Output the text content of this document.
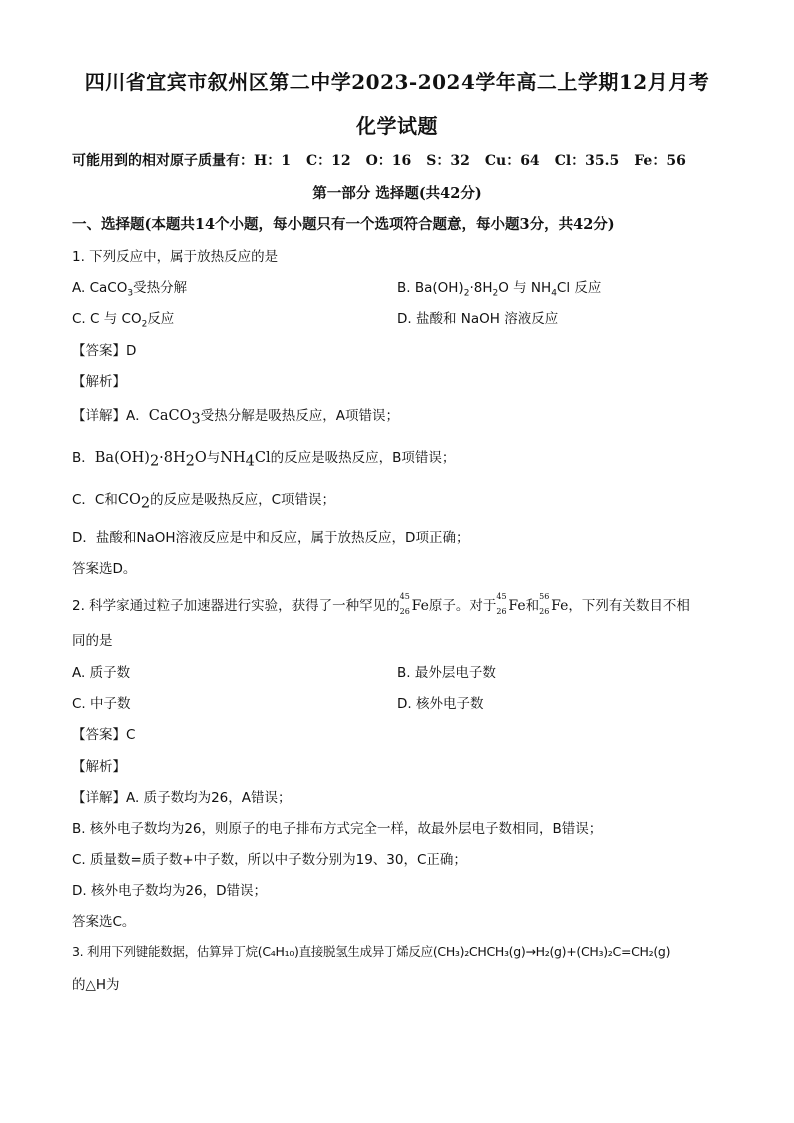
四川省宜宾市叙州区第二中学2023-2024学年高二上学期12月月考
化学试题
可能用到的相对原子质量有：H：1 C：12 O：16 S：32 Cu：64 Cl：35.5 Fe：56
第一部分 选择题(共42分)
一、选择题(本题共14个小题，每小题只有一个选项符合题意，每小题3分，共42分)
1. 下列反应中，属于放热反应的是
A. CaCO$_3$受热分解	B. $Ba(OH)_2\cdot 8H_2O$ 与 $NH_4Cl$ 反应
C. C 与 $CO_2$反应	D. 盐酸和 NaOH 溶液反应
【答案】D
【解析】
【详解】A．CaCO$_3$受热分解是吸热反应，A项错误；
B．$Ba(OH)_2\cdot 8H_2O$与$NH_4Cl$的反应是吸热反应，B项错误；
C．C和$CO_2$的反应是吸热反应，C项错误；
D．盐酸和NaOH溶液反应是中和反应，属于放热反应，D项正确；
答案选D。
2. 科学家通过粒子加速器进行实验，获得了一种罕见的
45
26 Fe原子。对于
45
26 Fe和
56
26 Fe，下列有关数目不相
同的是
A. 质子数	B. 最外层电子数
C. 中子数	D. 核外电子数
【答案】C
【解析】
【详解】A. 质子数均为26，A错误；
B. 核外电子数均为26，则原子的电子排布方式完全一样，故最外层电子数相同，B错误；
C. 质量数=质子数+中子数，所以中子数分别为19、30，C正确；
D. 核外电子数均为26，D错误；
答案选C。
3. 利用下列键能数据，估算异丁烷(C₄H₁₀)直接脱氢生成异丁烯反应(CH₃)₂CHCH₃(g)→H₂(g)+(CH₃)₂C=CH₂(g)
的△H为
